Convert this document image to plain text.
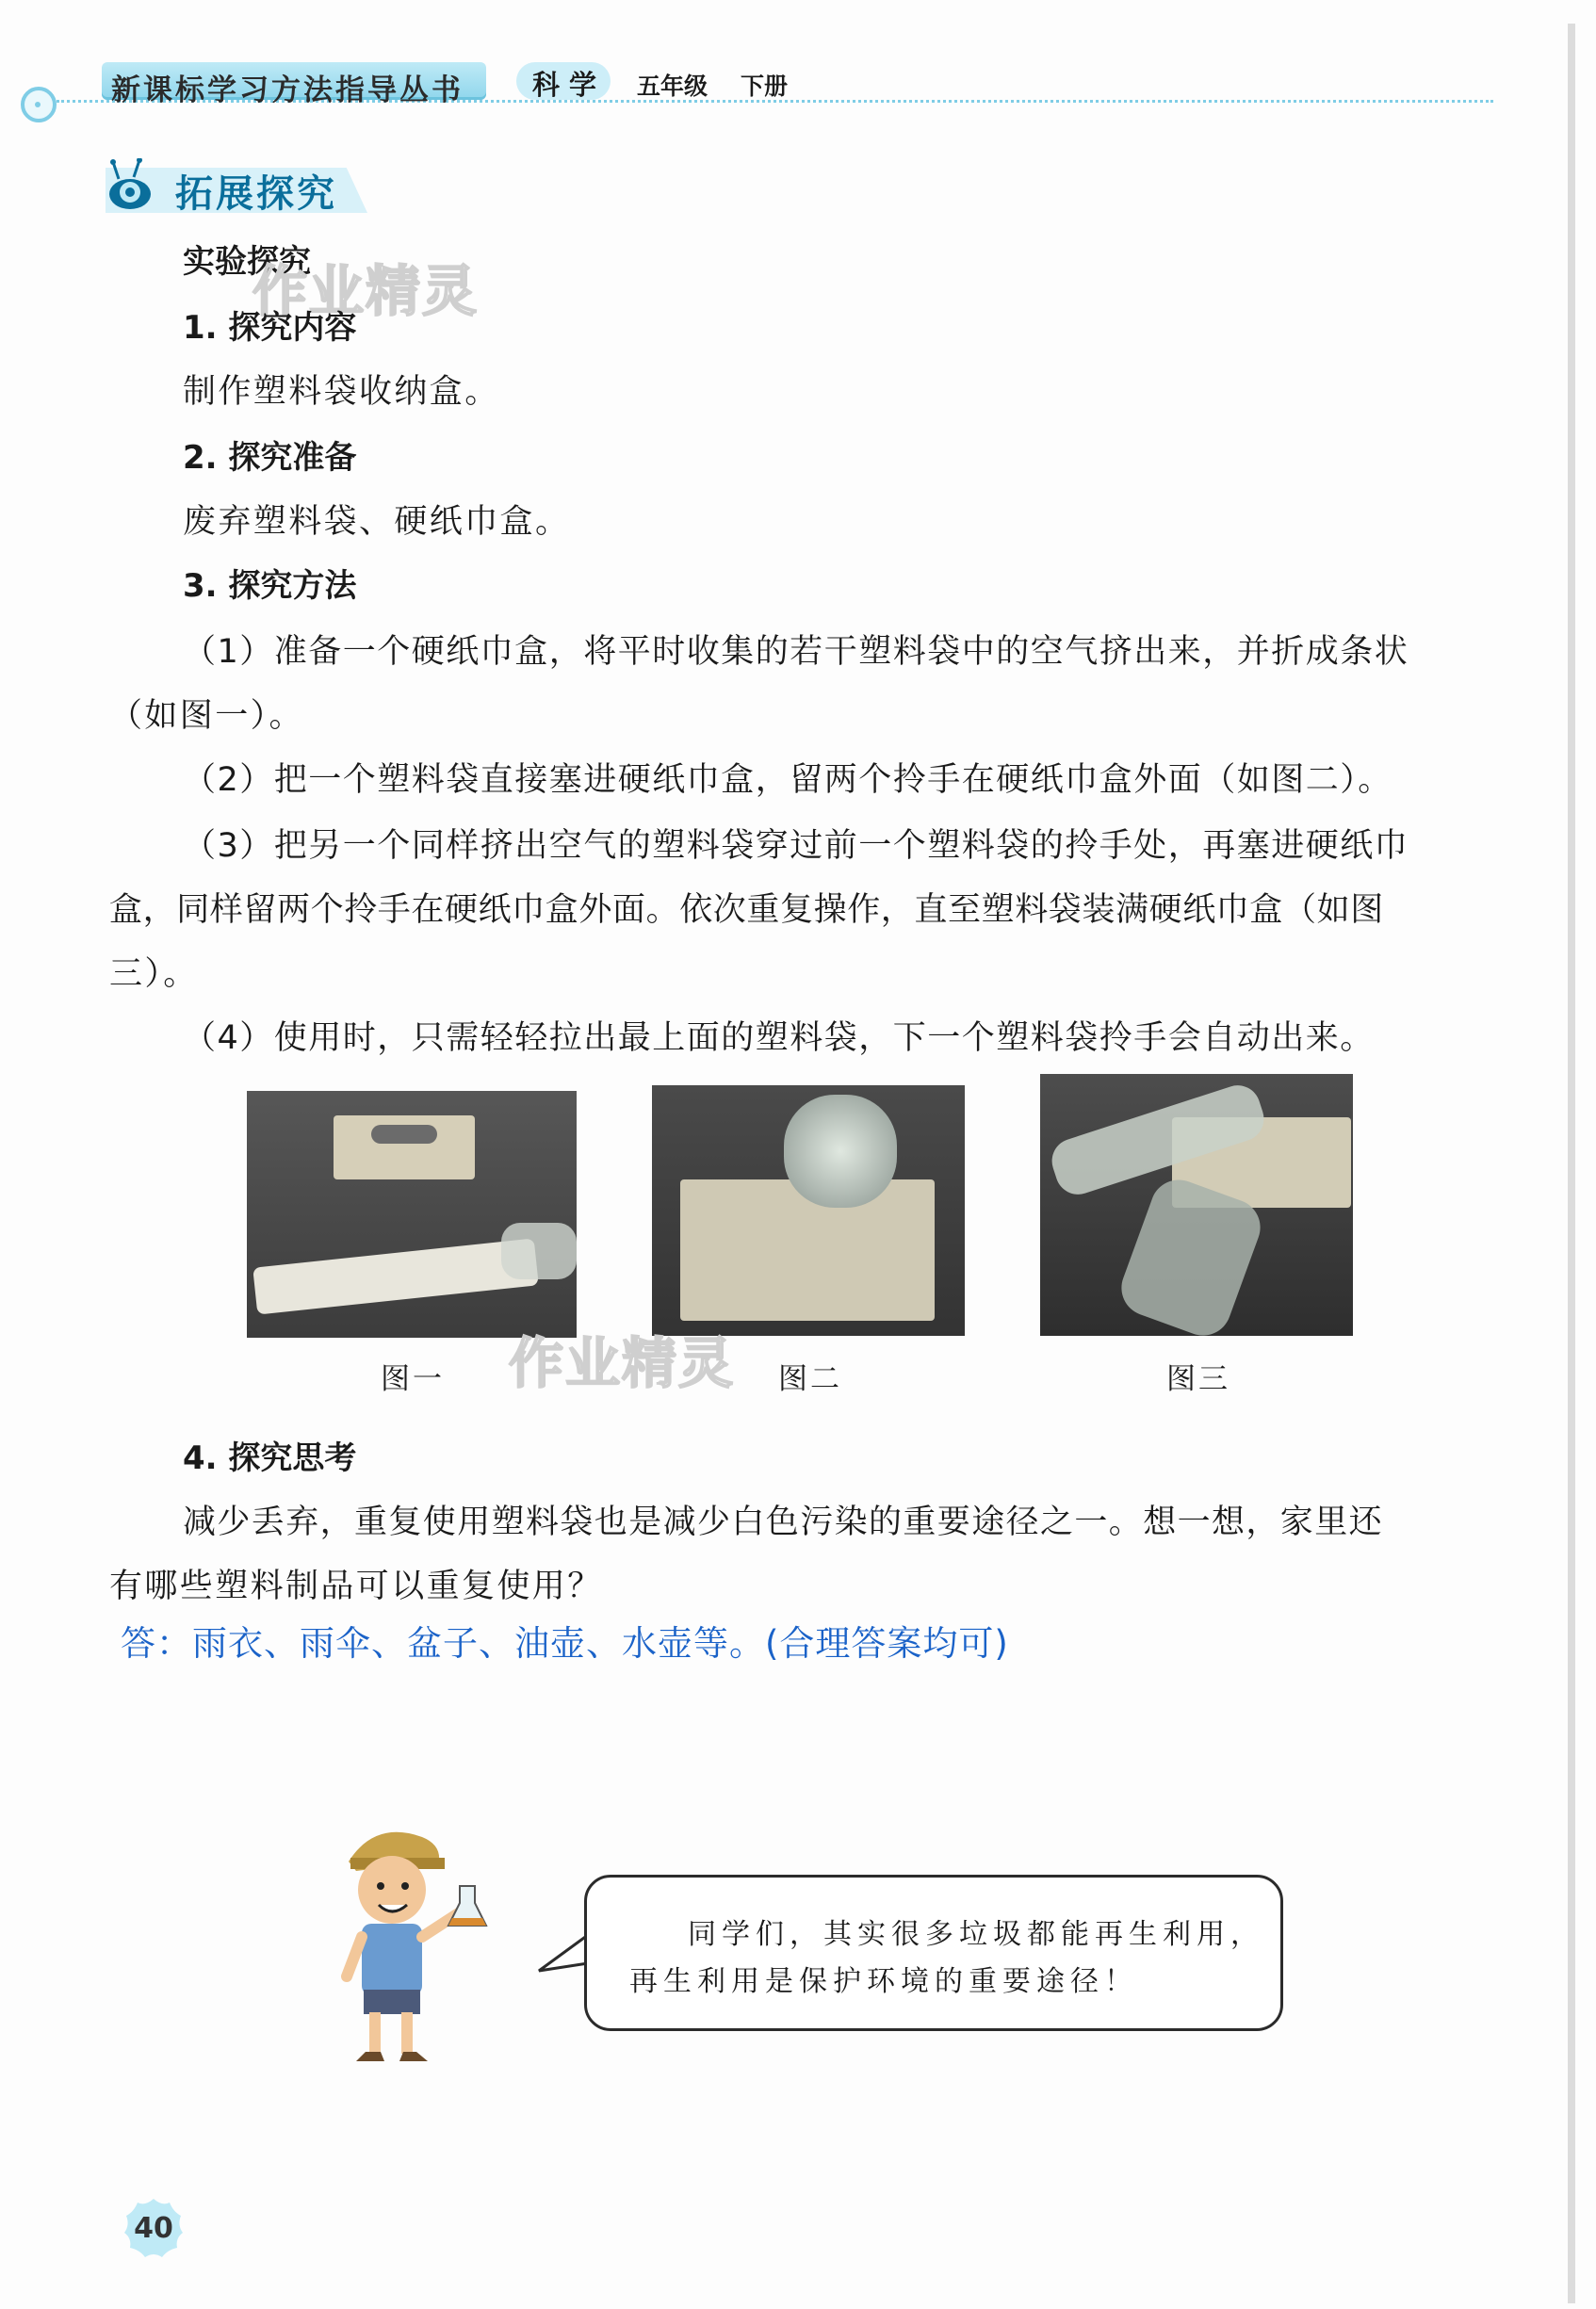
新课标学习方法指导丛书	科学 五年级 下册
拓展探究
实验探究
作业精灵
1. 探究内容
制作塑料袋收纳盒。
2. 探究准备
废弃塑料袋、硬纸巾盒。
3. 探究方法
（1）准备一个硬纸巾盒，将平时收集的若干塑料袋中的空气挤出来，并折成条状
（如图一）。
（2）把一个塑料袋直接塞进硬纸巾盒，留两个拎手在硬纸巾盒外面（如图二）。
（3）把另一个同样挤出空气的塑料袋穿过前一个塑料袋的拎手处，再塞进硬纸巾
盒，同样留两个拎手在硬纸巾盒外面。依次重复操作，直至塑料袋装满硬纸巾盒（如图
三）。
（4）使用时，只需轻轻拉出最上面的塑料袋，下一个塑料袋拎手会自动出来。
图一	图二	图三
作业精灵
4. 探究思考
减少丢弃，重复使用塑料袋也是减少白色污染的重要途径之一。想一想，家里还
有哪些塑料制品可以重复使用？
答：雨衣、雨伞、盆子、油壶、水壶等。(合理答案均可)
同学们，其实很多垃圾都能再生利用，
再生利用是保护环境的重要途径！
40
